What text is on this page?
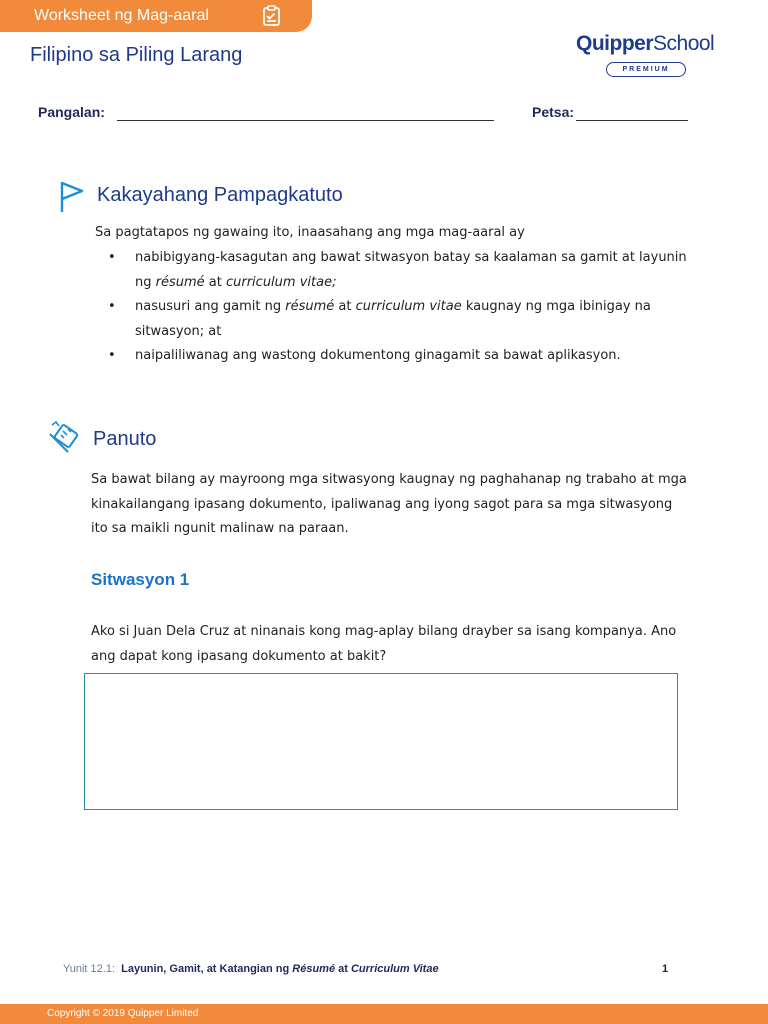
Worksheet ng Mag-aaral
Filipino sa Piling Larang	QuipperSchool
PREMIUM
Pangalan:	Petsa:
Kakayahang Pampagkatuto
Sa pagtatapos ng gawaing ito, inaasahang ang mga mag-aaral ay
• nabibigyang-kasagutan ang bawat sitwasyon batay sa kaalaman sa gamit at layunin ng résumé at curriculum vitae;
• nasusuri ang gamit ng résumé at curriculum vitae kaugnay ng mga ibinigay na sitwasyon; at
• naipaliliwanag ang wastong dokumentong ginagamit sa bawat aplikasyon.
Panuto
Sa bawat bilang ay mayroong mga sitwasyong kaugnay ng paghahanap ng trabaho at mga kinakailangang ipasang dokumento, ipaliwanag ang iyong sagot para sa mga sitwasyong ito sa maikli ngunit malinaw na paraan.
Sitwasyon 1
Ako si Juan Dela Cruz at ninanais kong mag-aplay bilang drayber sa isang kompanya. Ano ang dapat kong ipasang dokumento at bakit?
Yunit 12.1: Layunin, Gamit, at Katangian ng Résumé at Curriculum Vitae	1
Copyright © 2019 Quipper Limited
